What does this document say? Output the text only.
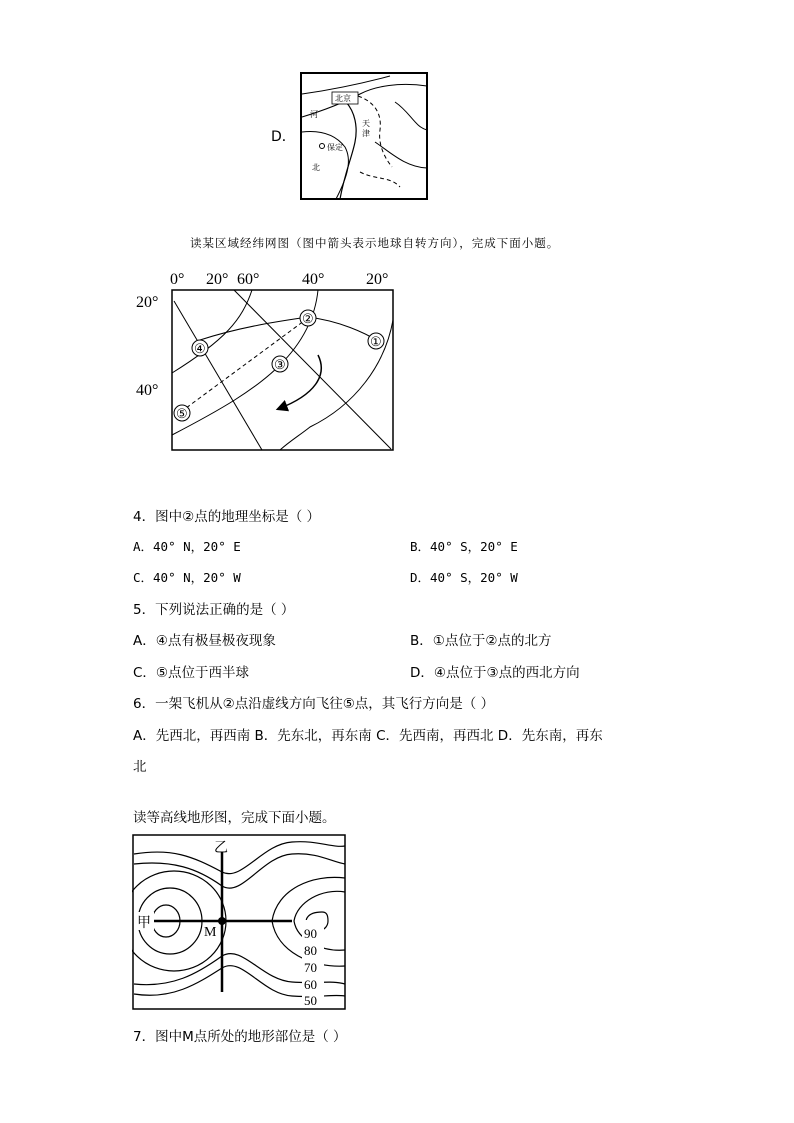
D．
北京
河
天
津
保定
北
读某区域经纬网图（图中箭头表示地球自转方向），完成下面小题。
0° 20° 60°	40°	20°
20°
40°
①
②
③
④
⑤
4．图中②点的地理坐标是（ ）
A．40° N，20° E	B．40° S，20° E
C．40° N，20° W	D．40° S，20° W
5．下列说法正确的是（ ）
A．④点有极昼极夜现象	B．①点位于②点的北方
C．⑤点位于西半球	D．④点位于③点的西北方向
6．一架飞机从②点沿虚线方向飞往⑤点，其飞行方向是（ ）
A．先西北，再西南 B．先东北，再东南 C．先西南，再西北 D．先东南，再东
北
读等高线地形图，完成下面小题。
乙
甲
M	90
80
70
60
50
7．图中M点所处的地形部位是（ ）
